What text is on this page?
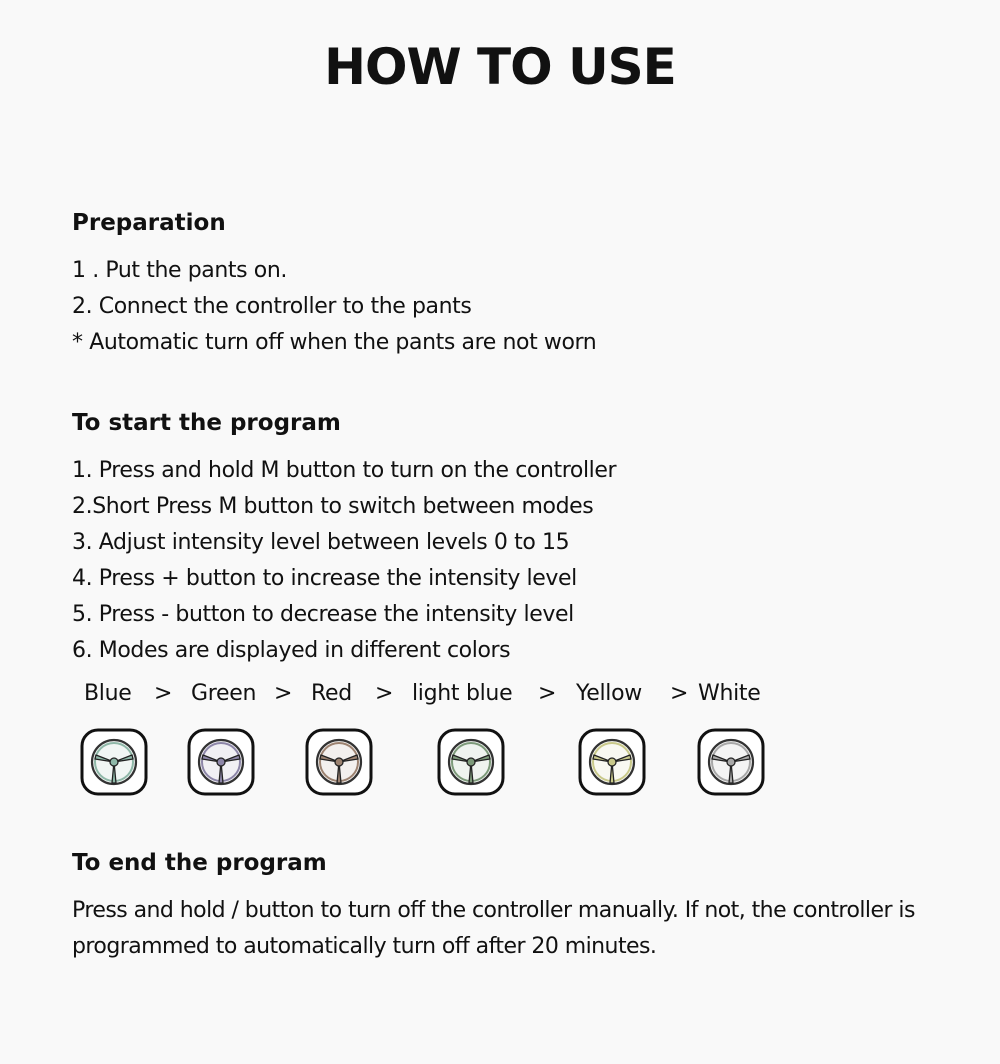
HOW TO USE
Preparation

1 . Put the pants on.

2. Connect the controller to the pants

* Automatic turn off when the pants are not worn

To start the program

1. Press and hold M button to turn on the controller

2.Short Press M button to switch between modes

3. Adjust intensity level between levels 0 to 15

4. Press + button to increase the intensity level

5. Press - button to decrease the intensity level

6. Modes are displayed in different colors

Blue > Green > Red > light blue > Yellow > White
To end the program

Press and hold / button to turn off the controller manually. If not, the controller is programmed to automatically turn off after 20 minutes.
